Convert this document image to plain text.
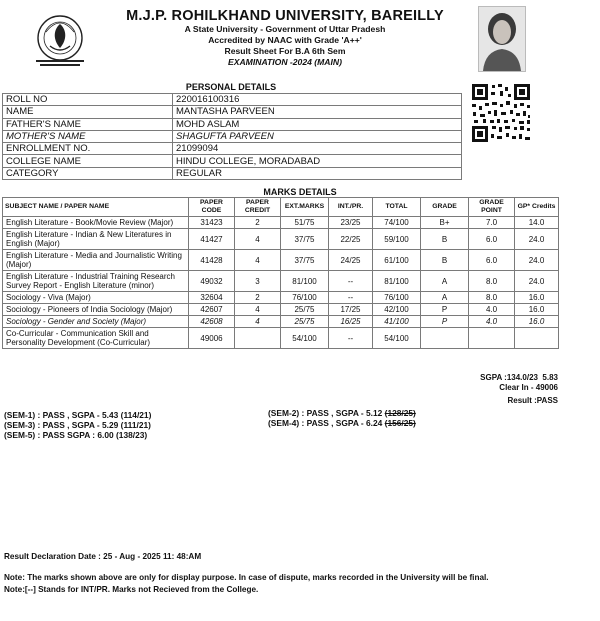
M.J.P. ROHILKHAND UNIVERSITY, BAREILLY
A State University - Government of Uttar Pradesh
Accredited by NAAC with Grade 'A++'
Result Sheet For B.A 6th Sem
EXAMINATION -2024 (MAIN)
PERSONAL DETAILS
ROLL NO	220016100316
NAME	MANTASHA PARVEEN
FATHER'S NAME	MOHD ASLAM
MOTHER'S NAME	SHAGUFTA PARVEEN
ENROLLMENT NO.	21099094
COLLEGE NAME	HINDU COLLEGE, MORADABAD
CATEGORY	REGULAR
MARKS DETAILS
SUBJECT NAME / PAPER NAME	PAPER CODE	PAPER CREDIT	EXT.MARKS	INT./PR.	TOTAL	GRADE	GRADE POINT	GP* Credits
English Literature - Book/Movie Review (Major)	31423	2	51/75	23/25	74/100	B+	7.0	14.0
English Literature - Indian & New Literatures in English (Major)	41427	4	37/75	22/25	59/100	B	6.0	24.0
English Literature - Media and Journalistic Writing (Major)	41428	4	37/75	24/25	61/100	B	6.0	24.0
English Literature - Industrial Training Research Survey Report - English Literature (minor)	49032	3	81/100	--	81/100	A	8.0	24.0
Sociology - Viva (Major)	32604	2	76/100	--	76/100	A	8.0	16.0
Sociology - Pioneers of India Sociology (Major)	42607	4	25/75	17/25	42/100	P	4.0	16.0
Sociology - Gender and Society (Major)	42608	4	25/75	16/25	41/100	P	4.0	16.0
Co-Curricular - Communication Skill and Personality Development (Co-Curricular)	49006		54/100	--	54/100			
SGPA :134.0/23 5.83
Clear In - 49006
Result :PASS
(SEM-1) : PASS , SGPA - 5.43 (114/21)
(SEM-3) : PASS , SGPA - 5.29 (111/21)
(SEM-5) : PASS SGPA : 6.00 (138/23)
(SEM-2) : PASS , SGPA - 5.12 (128/25)
(SEM-4) : PASS , SGPA - 6.24 (156/25)
Result Declaration Date : 25 - Aug - 2025 11: 48:AM
Note: The marks shown above are only for display purpose. In case of dispute, marks recorded in the University will be final.
Note:[--] Stands for INT/PR. Marks not Recieved from the College.
